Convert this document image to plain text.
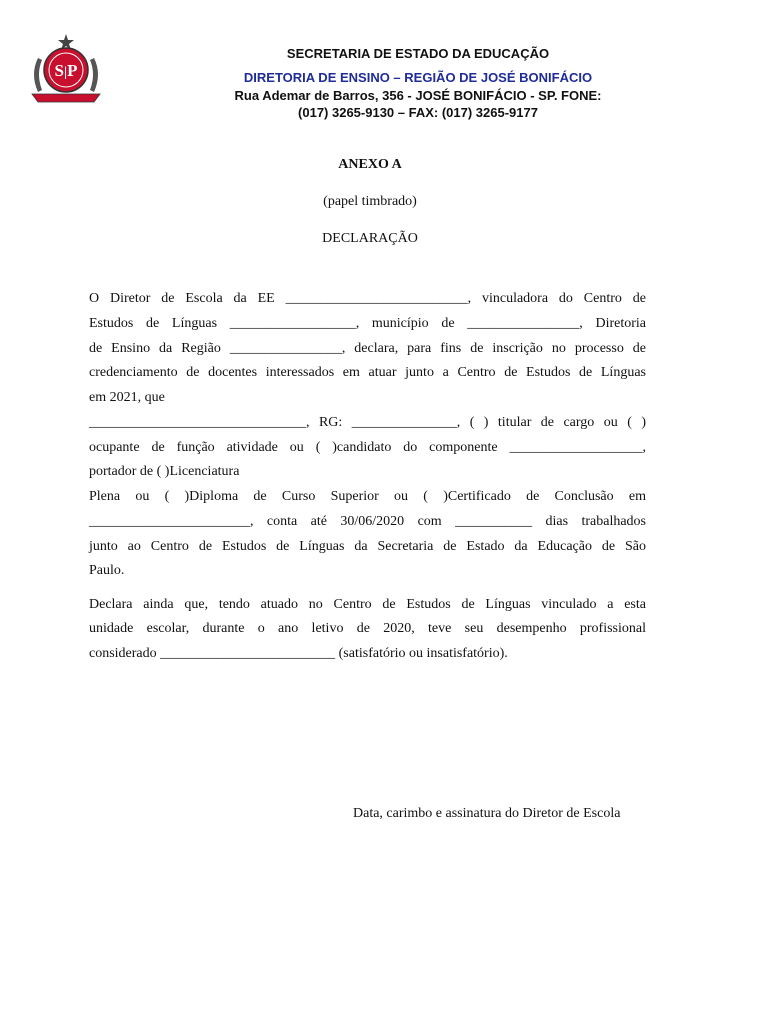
S|P
SECRETARIA DE ESTADO DA EDUCAÇÃO
DIRETORIA DE ENSINO – REGIÃO DE JOSÉ BONIFÁCIO
Rua Ademar de Barros, 356 - JOSÉ BONIFÁCIO - SP. FONE:
(017) 3265-9130 – FAX: (017) 3265-9177
ANEXO A
(papel timbrado)
DECLARAÇÃO
O Diretor de Escola da EE __________________________, vinculadora do Centro de
Estudos de Línguas __________________, município de ________________, Diretoria
de Ensino da Região ________________, declara, para fins de inscrição no processo de
credenciamento de docentes interessados em atuar junto a Centro de Estudos de Línguas
em 2021, que
_______________________________, RG: _______________, ( ) titular de cargo ou ( )
ocupante de função atividade ou ( )candidato do componente ___________________,
portador de ( )Licenciatura
Plena ou ( )Diploma de Curso Superior ou ( )Certificado de Conclusão em
_______________________, conta até 30/06/2020 com ___________ dias trabalhados
junto ao Centro de Estudos de Línguas da Secretaria de Estado da Educação de São
Paulo.
Declara ainda que, tendo atuado no Centro de Estudos de Línguas vinculado a esta
unidade escolar, durante o ano letivo de 2020, teve seu desempenho profissional
considerado _________________________ (satisfatório ou insatisfatório).
Data, carimbo e assinatura do Diretor de Escola
